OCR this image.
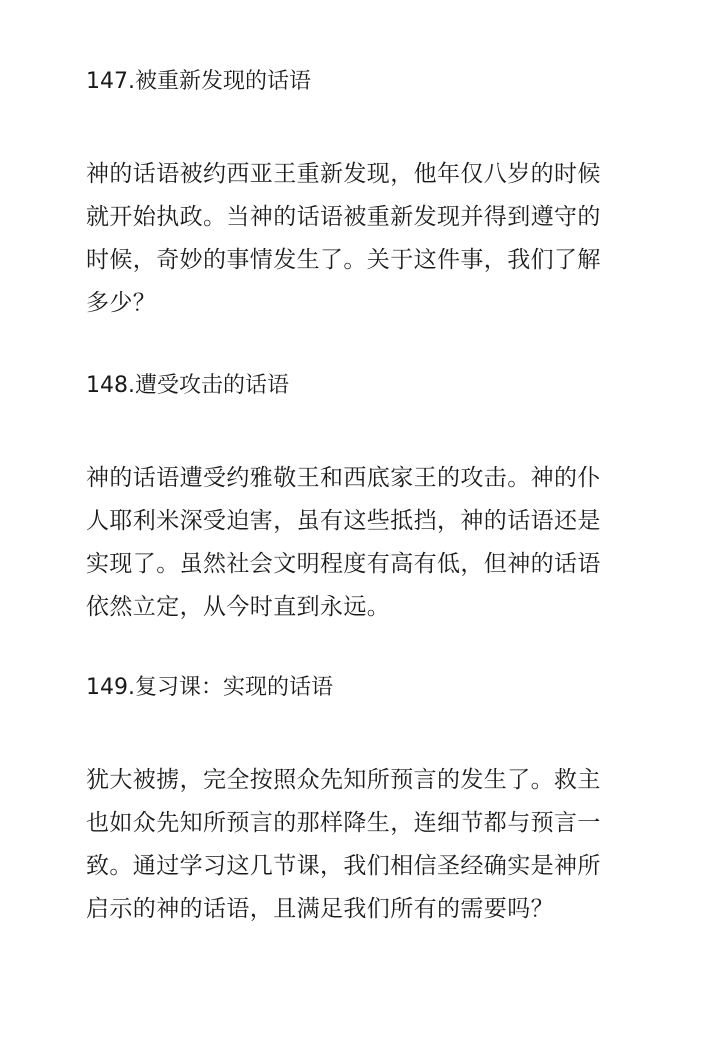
147.被重新发现的话语

神的话语被约西亚王重新发现，他年仅八岁的时候
就开始执政。当神的话语被重新发现并得到遵守的
时候，奇妙的事情发生了。关于这件事，我们了解
多少？

148.遭受攻击的话语

神的话语遭受约雅敬王和西底家王的攻击。神的仆
人耶利米深受迫害，虽有这些抵挡，神的话语还是
实现了。虽然社会文明程度有高有低，但神的话语
依然立定，从今时直到永远。

149.复习课：实现的话语

犹大被掳，完全按照众先知所预言的发生了。救主
也如众先知所预言的那样降生，连细节都与预言一
致。通过学习这几节课，我们相信圣经确实是神所
启示的神的话语，且满足我们所有的需要吗？
